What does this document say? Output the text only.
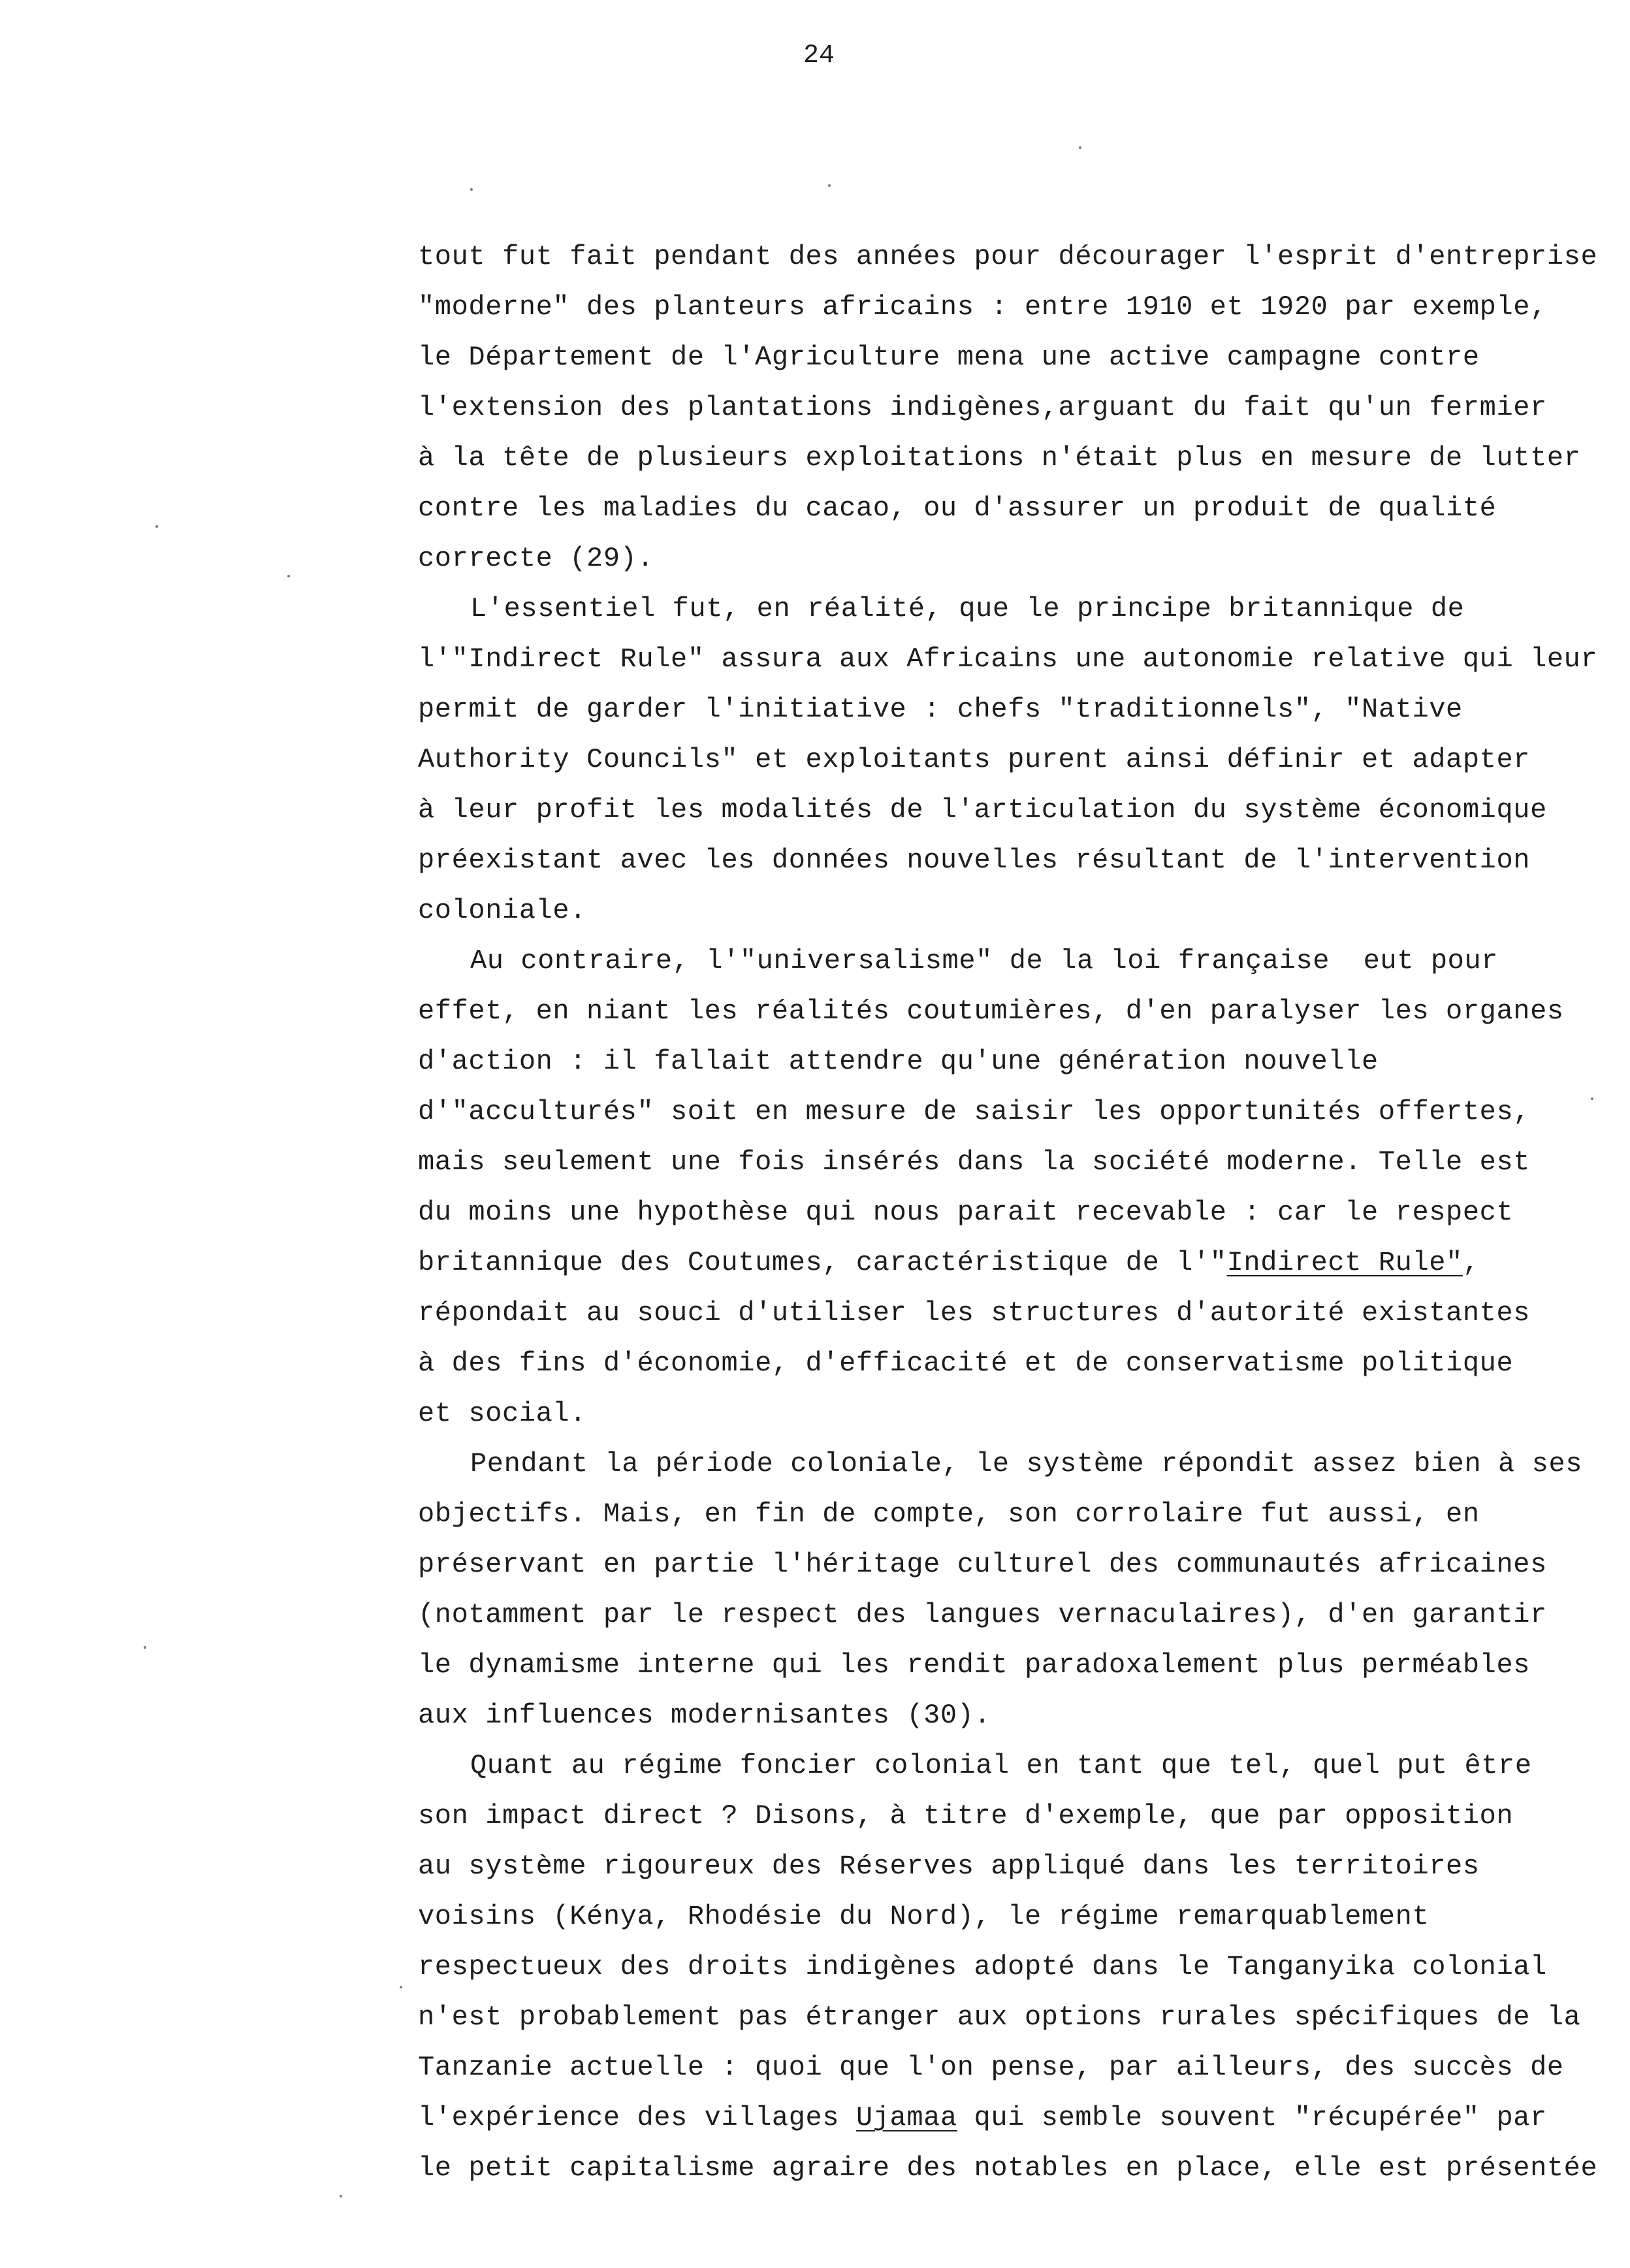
24
tout fut fait pendant des années pour décourager l'esprit d'entreprise
"moderne" des planteurs africains : entre 1910 et 1920 par exemple,
le Département de l'Agriculture mena une active campagne contre
l'extension des plantations indigènes,arguant du fait qu'un fermier
à la tête de plusieurs exploitations n'était plus en mesure de lutter
contre les maladies du cacao, ou d'assurer un produit de qualité
correcte (29).
L'essentiel fut, en réalité, que le principe britannique de
l'"Indirect Rule" assura aux Africains une autonomie relative qui leur
permit de garder l'initiative : chefs "traditionnels", "Native
Authority Councils" et exploitants purent ainsi définir et adapter
à leur profit les modalités de l'articulation du système économique
préexistant avec les données nouvelles résultant de l'intervention
coloniale.
Au contraire, l'"universalisme" de la loi française  eut pour
effet, en niant les réalités coutumières, d'en paralyser les organes
d'action : il fallait attendre qu'une génération nouvelle
d'"acculturés" soit en mesure de saisir les opportunités offertes,
mais seulement une fois insérés dans la société moderne. Telle est
du moins une hypothèse qui nous parait recevable : car le respect
britannique des Coutumes, caractéristique de l'"Indirect Rule",
répondait au souci d'utiliser les structures d'autorité existantes
à des fins d'économie, d'efficacité et de conservatisme politique
et social.
Pendant la période coloniale, le système répondit assez bien à ses
objectifs. Mais, en fin de compte, son corrolaire fut aussi, en
préservant en partie l'héritage culturel des communautés africaines
(notamment par le respect des langues vernaculaires), d'en garantir
le dynamisme interne qui les rendit paradoxalement plus perméables
aux influences modernisantes (30).
Quant au régime foncier colonial en tant que tel, quel put être
son impact direct ? Disons, à titre d'exemple, que par opposition
au système rigoureux des Réserves appliqué dans les territoires
voisins (Kénya, Rhodésie du Nord), le régime remarquablement
respectueux des droits indigènes adopté dans le Tanganyika colonial
n'est probablement pas étranger aux options rurales spécifiques de la
Tanzanie actuelle : quoi que l'on pense, par ailleurs, des succès de
l'expérience des villages Ujamaa qui semble souvent "récupérée" par
le petit capitalisme agraire des notables en place, elle est présentée
